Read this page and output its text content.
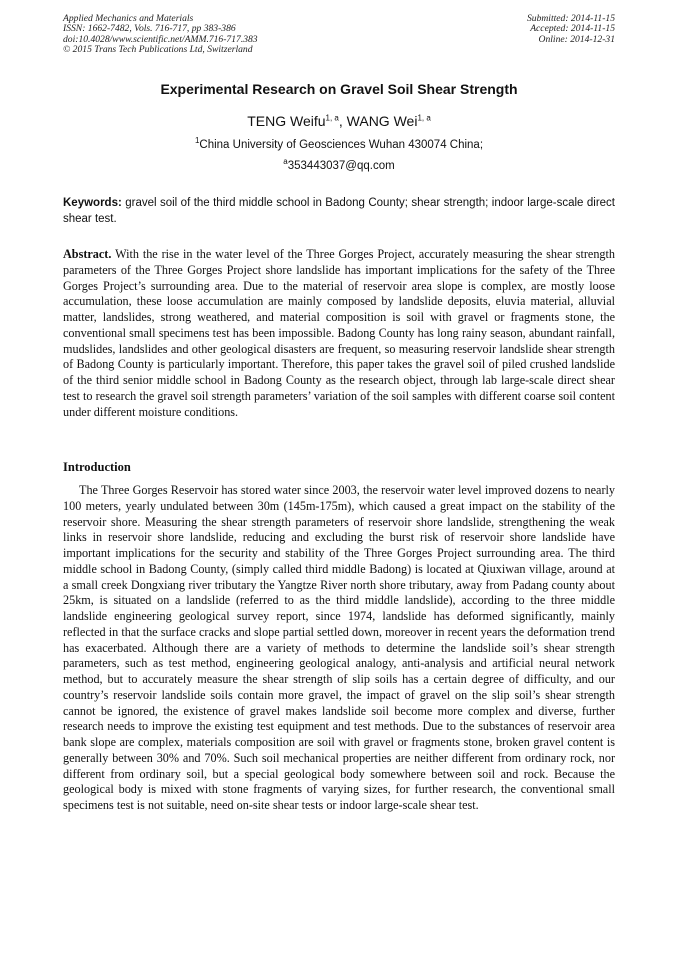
Applied Mechanics and Materials
ISSN: 1662-7482, Vols. 716-717, pp 383-386
doi:10.4028/www.scientific.net/AMM.716-717.383
© 2015 Trans Tech Publications Ltd, Switzerland
Submitted: 2014-11-15
Accepted: 2014-11-15
Online: 2014-12-31
Experimental Research on Gravel Soil Shear Strength
TENG Weifu$^{1, a}$, WANG Wei$^{1, a}$
$^1$China University of Geosciences Wuhan 430074 China;
$^a$353443037@qq.com
Keywords: gravel soil of the third middle school in Badong County; shear strength; indoor large-scale direct shear test.
Abstract. With the rise in the water level of the Three Gorges Project, accurately measuring the shear strength parameters of the Three Gorges Project shore landslide has important implications for the safety of the Three Gorges Project’s surrounding area. Due to the material of reservoir area slope is complex, are mostly loose accumulation, these loose accumulation are mainly composed by landslide deposits, eluvia material, alluvial matter, landslides, strong weathered, and material composition is soil with gravel or fragments stone, the conventional small specimens test has been impossible. Badong County has long rainy season, abundant rainfall, mudslides, landslides and other geological disasters are frequent, so measuring reservoir landslide shear strength of Badong County is particularly important. Therefore, this paper takes the gravel soil of piled crushed landslide of the third senior middle school in Badong County as the research object, through lab large-scale direct shear test to research the gravel soil strength parameters’ variation of the soil samples with different coarse soil content under different moisture conditions.
Introduction
The Three Gorges Reservoir has stored water since 2003, the reservoir water level improved dozens to nearly 100 meters, yearly undulated between 30m (145m-175m), which caused a great impact on the stability of the reservoir shore. Measuring the shear strength parameters of reservoir shore landslide, strengthening the weak links in reservoir shore landslide, reducing and excluding the burst risk of reservoir shore landslide have important implications for the security and stability of the Three Gorges Project surrounding area. The third middle school in Badong County, (simply called third middle Badong) is located at Qiuxiwan village, around at a small creek Dongxiang river tributary the Yangtze River north shore tributary, away from Padang county about 25km, is situated on a landslide (referred to as the third middle landslide), according to the three middle landslide engineering geological survey report, since 1974, landslide has deformed significantly, mainly reflected in that the surface cracks and slope partial settled down, moreover in recent years the deformation trend has exacerbated. Although there are a variety of methods to determine the landslide soil’s shear strength parameters, such as test method, engineering geological analogy, anti-analysis and artificial neural network method, but to accurately measure the shear strength of slip soils has a certain degree of difficulty, and our country’s reservoir landslide soils contain more gravel, the impact of gravel on the slip soil’s shear strength cannot be ignored, the existence of gravel makes landslide soil become more complex and diverse, further research needs to improve the existing test equipment and test methods. Due to the substances of reservoir area bank slope are complex, materials composition are soil with gravel or fragments stone, broken gravel content is generally between 30% and 70%. Such soil mechanical properties are neither different from ordinary rock, nor different from ordinary soil, but a special geological body somewhere between soil and rock. Because the geological body is mixed with stone fragments of varying sizes, for further research, the conventional small specimens test is not suitable, need on-site shear tests or indoor large-scale shear test.
